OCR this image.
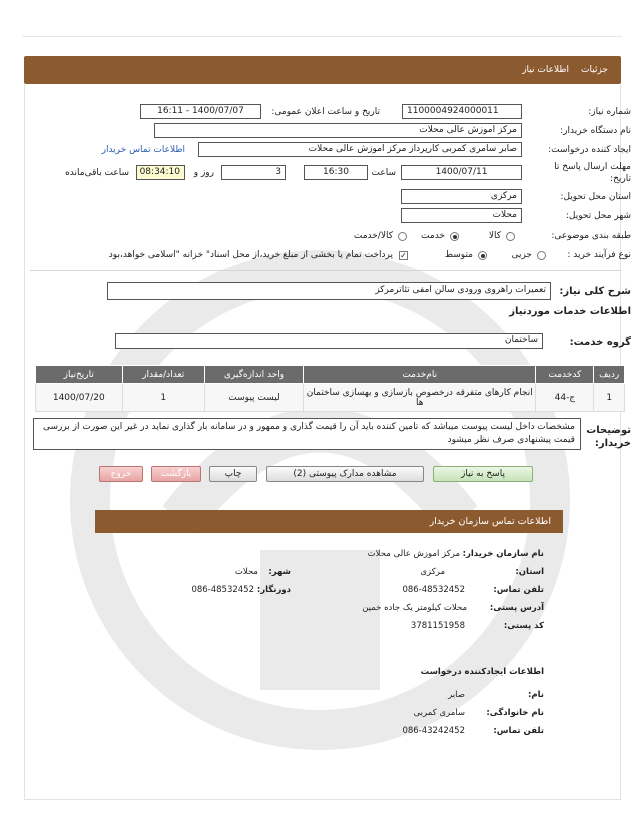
جزئیات
اطلاعات نیاز
شماره نیاز:
1100004924000011
تاریخ و ساعت اعلان عمومی:
1400/07/07 - 16:11
نام دستگاه خریدار:
مرکز اموزش عالی محلات
ایجاد کننده درخواست:
صابر سامری کمربی کارپرداز مرکز اموزش عالی محلات
اطلاعات تماس خریدار
مهلت ارسال پاسخ تا تاریخ:
1400/07/11
ساعت
16:30
3
روز و
08:34:10
ساعت باقی‌مانده
استان محل تحویل:
مرکزی
شهر محل تحویل:
محلات
طبقه بندی موضوعی:
کالا
خدمت
کالا/خدمت
نوع فرآیند خرید :
جزیی
متوسط
✓
پرداخت تمام یا بخشی از مبلغ خرید،از محل اسناد" خزانه "اسلامی خواهد،بود
شرح کلی نیاز:
تعمیرات راهروی ورودی سالن امفی تئاترمرکز
اطلاعات خدمات موردنیاز
گروه خدمت:
ساختمان
ردیف	کدخدمت	نام‌خدمت	واحد اندازه‌گیری	تعداد/مقدار	تاریخ‌نیاز
1	ج-44	انجام کارهای متفرقه درخصوص بازسازی و بهسازی ساختمان ها	لیست پیوست	1	1400/07/20
توضیحات خریدار:
مشخصات داخل لیست پیوست میباشد که تامین کننده باید آن را قیمت گذاری و ممهور و در سامانه بار گذاری نماید در غیر این صورت از بررسی قیمت پیشنهادی صرف نظر میشود
پاسخ به نیاز
مشاهده مدارک پیوستی (2)
چاپ
بازگشت
خروج
اطلاعات تماس سازمان خریدار
نام سازمان خریدار:
مرکز اموزش عالی محلات
استان:
مرکزی
شهر:
محلات
تلفن تماس:
086-48532452
دورنگار:
086-48532452
آدرس پستی:
محلات کیلومتر یک جاده خمین
کد پستی:
3781151958
اطلاعات ایجادکننده درخواست
نام:
صابر
نام خانوادگی:
سامری کمربی
تلفن تماس:
086-43242452
